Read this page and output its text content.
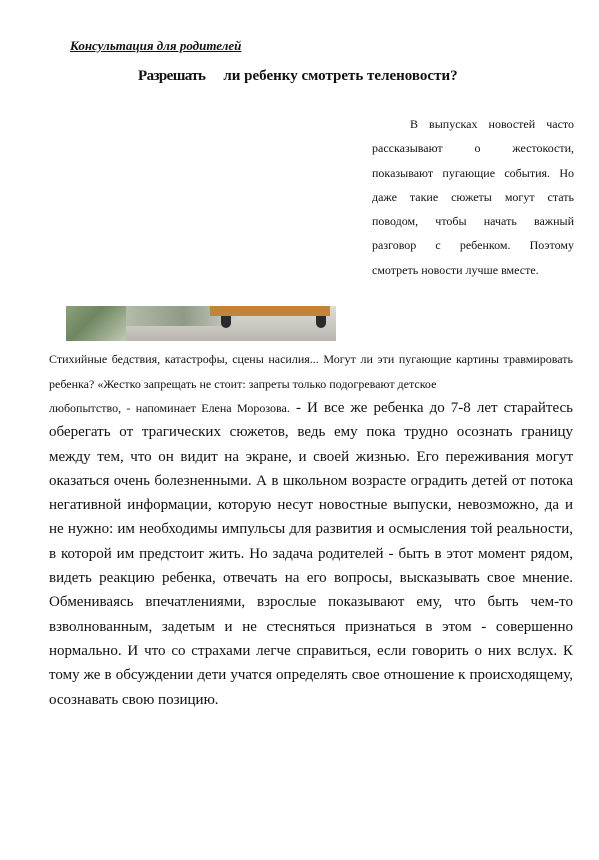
Консультация для родителей
Разрешать ли ребенку смотреть теленовости?
В выпусках новостей часто рассказывают о жестокости, показывают пугающие события. Но даже такие сюжеты могут стать поводом, чтобы начать важный разговор с ребенком. Поэтому смотреть новости лучше вместе.
Стихийные бедствия, катастрофы, сцены насилия... Могут ли эти пугающие картины травмировать ребенка? «Жестко запрещать не стоит: запреты только подогревают детское
любопытство, - напоминает Елена Морозова. - И все же ребенка до 7-8 лет старайтесь оберегать от трагических сюжетов, ведь ему пока трудно осознать границу между тем, что он видит на экране, и своей жизнью. Его переживания могут оказаться очень болезненными. А в школьном возрасте оградить детей от потока негативной информации, которую несут новостные выпуски, невозможно, да и не нужно: им необходимы импульсы для развития и осмысления той реальности, в которой им предстоит жить. Но задача родителей - быть в этот момент рядом, видеть реакцию ребенка, отвечать на его вопросы, высказывать свое мнение. Обмениваясь впечатлениями, взрослые показывают ему, что быть чем-то взволнованным, задетым и не стесняться признаться в этом - совершенно нормально. И что со страхами легче справиться, если говорить о них вслух. К тому же в обсуждении дети учатся определять свое отношение к происходящему, осознавать свою позицию.
